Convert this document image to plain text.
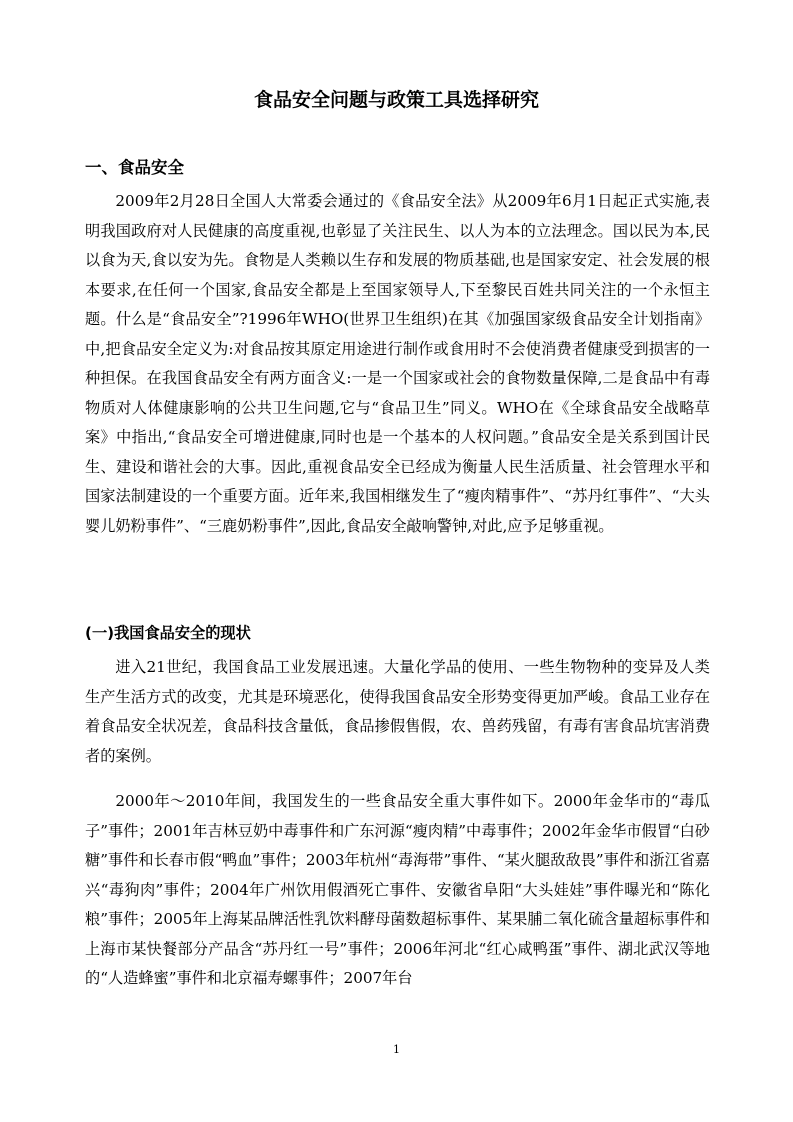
食品安全问题与政策工具选择研究
一、食品安全

2009年2月28日全国人大常委会通过的《食品安全法》从2009年6月1日起正式实施,表明我国政府对人民健康的高度重视,也彰显了关注民生、以人为本的立法理念。国以民为本,民以食为天,食以安为先。食物是人类赖以生存和发展的物质基础,也是国家安定、社会发展的根本要求,在任何一个国家,食品安全都是上至国家领导人,下至黎民百姓共同关注的一个永恒主题。什么是“食品安全”?1996年WHO(世界卫生组织)在其《加强国家级食品安全计划指南》中,把食品安全定义为:对食品按其原定用途进行制作或食用时不会使消费者健康受到损害的一种担保。在我国食品安全有两方面含义:一是一个国家或社会的食物数量保障,二是食品中有毒物质对人体健康影响的公共卫生问题,它与“食品卫生”同义。WHO在《全球食品安全战略草案》中指出,“食品安全可增进健康,同时也是一个基本的人权问题。”食品安全是关系到国计民生、建设和谐社会的大事。因此,重视食品安全已经成为衡量人民生活质量、社会管理水平和国家法制建设的一个重要方面。近年来,我国相继发生了“瘦肉精事件”、“苏丹红事件”、“大头婴儿奶粉事件”、“三鹿奶粉事件”,因此,食品安全敲响警钟,对此,应予足够重视。

(一)我国食品安全的现状

进入21世纪，我国食品工业发展迅速。大量化学品的使用、一些生物物种的变异及人类生产生活方式的改变，尤其是环境恶化，使得我国食品安全形势变得更加严峻。食品工业存在着食品安全状况差，食品科技含量低，食品掺假售假，农、兽药残留，有毒有害食品坑害消费者的案例。

2000年～2010年间，我国发生的一些食品安全重大事件如下。2000年金华市的“毒瓜子”事件；2001年吉林豆奶中毒事件和广东河源“瘦肉精”中毒事件；2002年金华市假冒“白砂糖”事件和长春市假“鸭血”事件；2003年杭州“毒海带”事件、“某火腿敌敌畏”事件和浙江省嘉兴“毒狗肉”事件；2004年广州饮用假酒死亡事件、安徽省阜阳“大头娃娃”事件曝光和“陈化粮”事件；2005年上海某品牌活性乳饮料酵母菌数超标事件、某果脯二氧化硫含量超标事件和上海市某快餐部分产品含“苏丹红一号”事件；2006年河北“红心咸鸭蛋”事件、湖北武汉等地的“人造蜂蜜”事件和北京福寿螺事件；2007年台

1
